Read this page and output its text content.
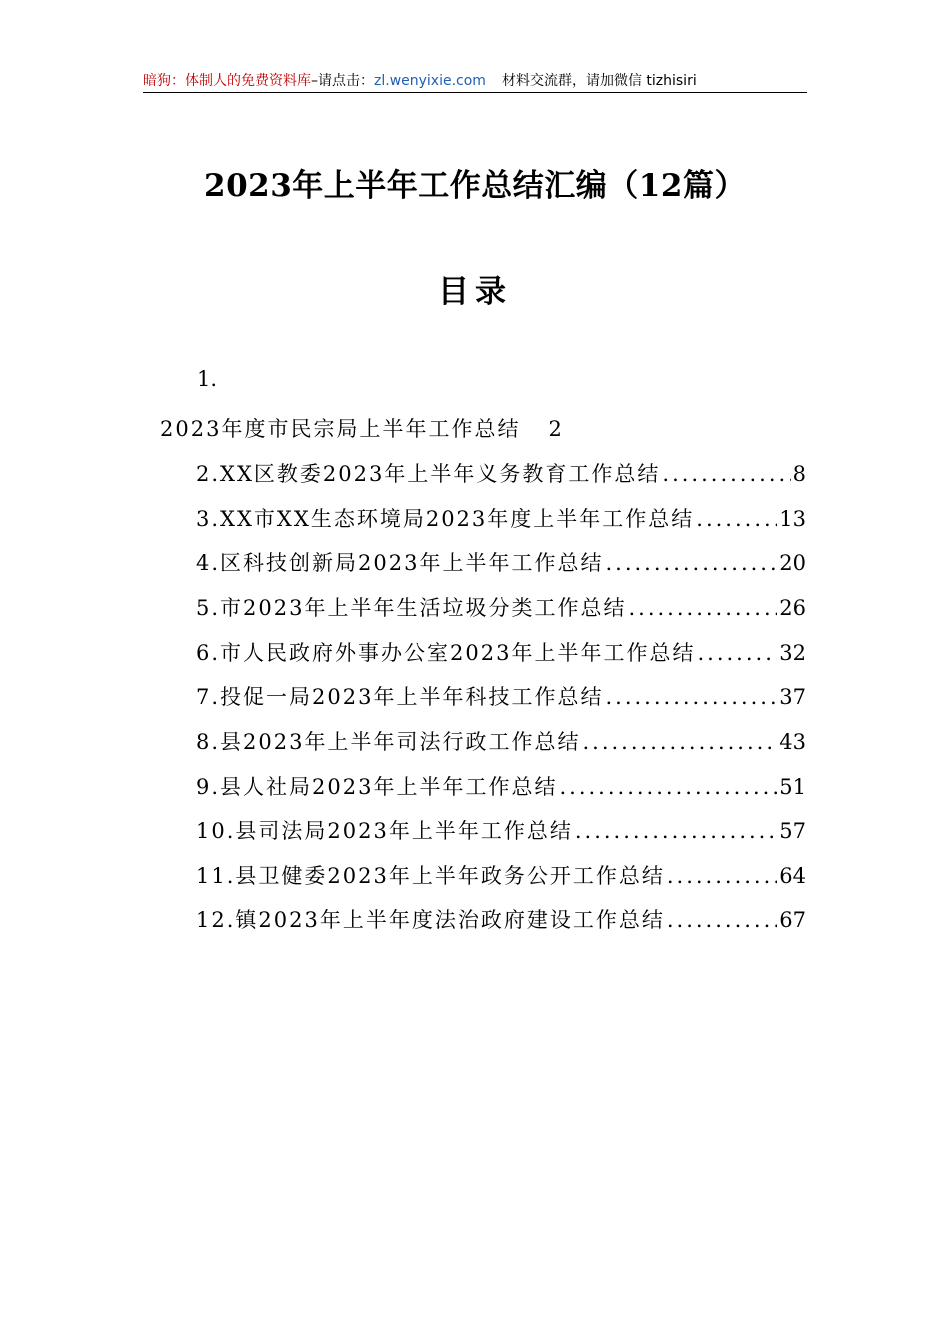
暗狗：体制人的免费资料库–请点击：zl.wenyixie.com 材料交流群，请加微信 tizhisiri
2023年上半年工作总结汇编（12篇）
目录
1.
2023年度市民宗局上半年工作总结 2
2.XX区教委2023年上半年义务教育工作总结 .....	8
3.XX市XX生态环境局2023年度上半年工作总结 .....	13
4.区科技创新局2023年上半年工作总结 .....	20
5.市2023年上半年生活垃圾分类工作总结 .....	26
6.市人民政府外事办公室2023年上半年工作总结 .....	32
7.投促一局2023年上半年科技工作总结 .....	37
8.县2023年上半年司法行政工作总结 .....	43
9.县人社局2023年上半年工作总结 .....	51
10.县司法局2023年上半年工作总结 .....	57
11.县卫健委2023年上半年政务公开工作总结 .....	64
12.镇2023年上半年度法治政府建设工作总结 .....	67
